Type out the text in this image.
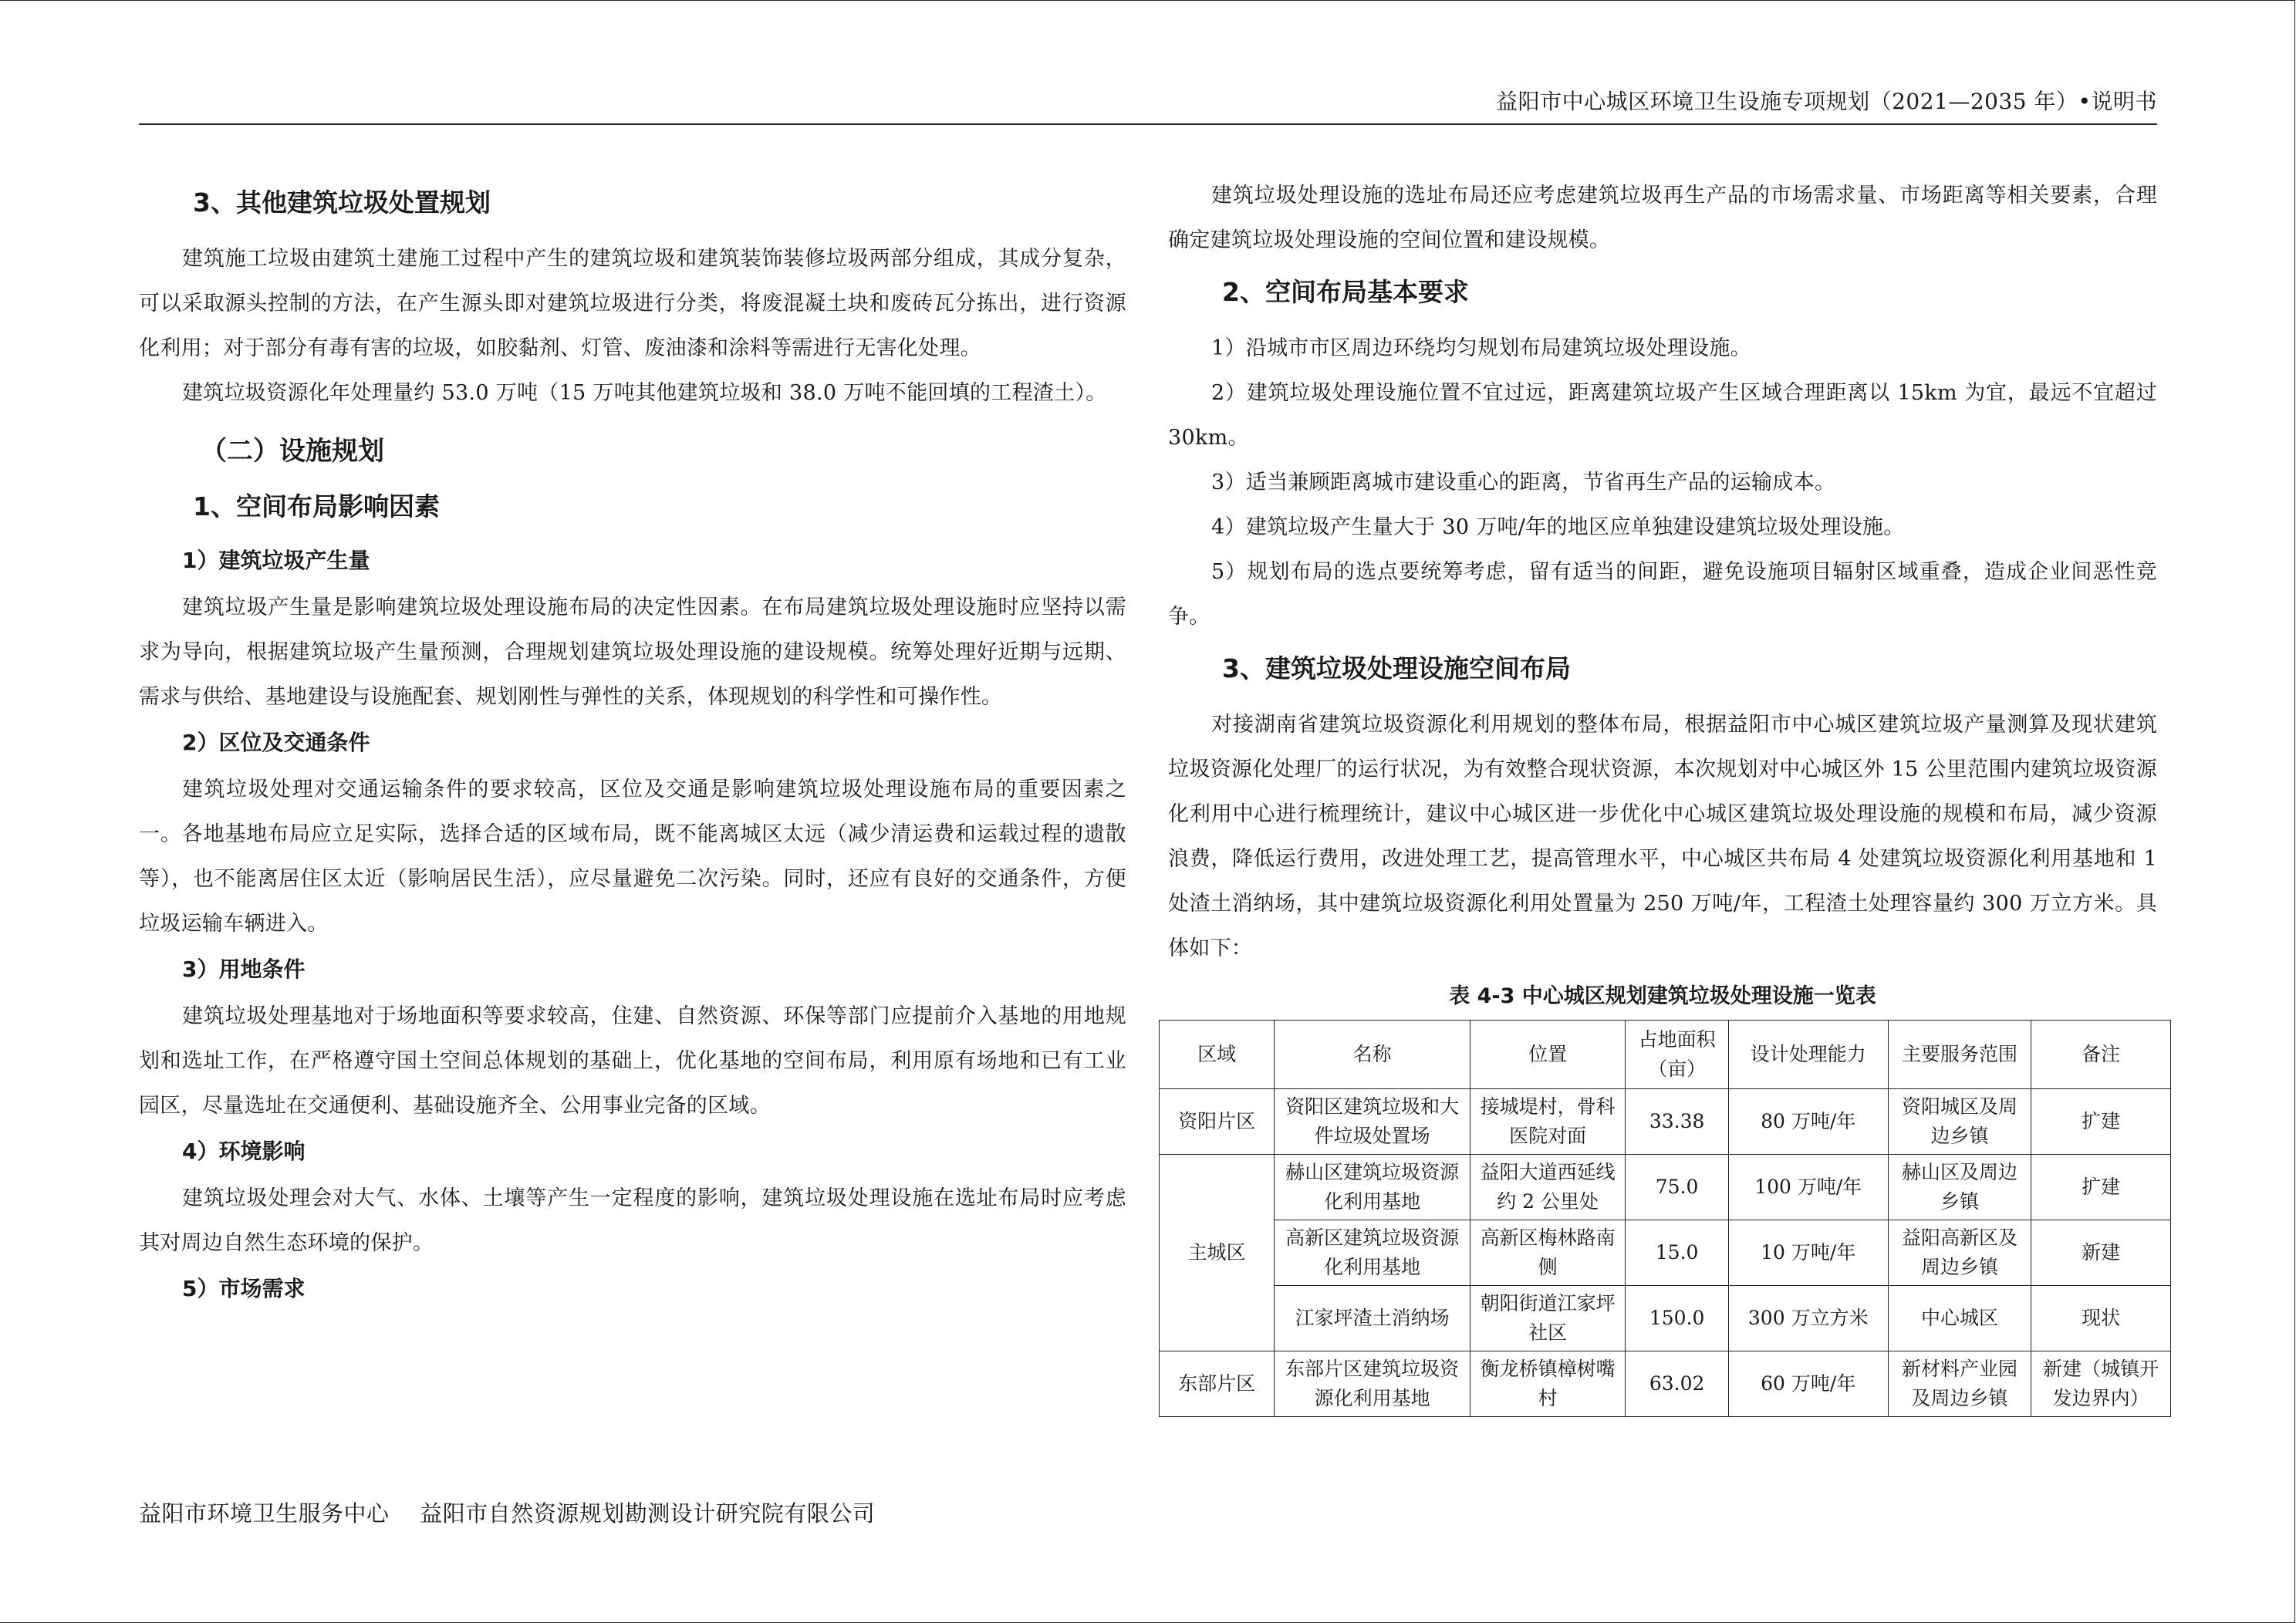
益阳市中心城区环境卫生设施专项规划（2021—2035 年）•说明书
3、其他建筑垃圾处置规划

建筑施工垃圾由建筑土建施工过程中产生的建筑垃圾和建筑装饰装修垃圾两部分组成，其成分复杂，可以采取源头控制的方法，在产生源头即对建筑垃圾进行分类，将废混凝土块和废砖瓦分拣出，进行资源化利用；对于部分有毒有害的垃圾，如胶黏剂、灯管、废油漆和涂料等需进行无害化处理。

建筑垃圾资源化年处理量约 53.0 万吨（15 万吨其他建筑垃圾和 38.0 万吨不能回填的工程渣土）。

（二）设施规划
1、空间布局影响因素
1）建筑垃圾产生量

建筑垃圾产生量是影响建筑垃圾处理设施布局的决定性因素。在布局建筑垃圾处理设施时应坚持以需求为导向，根据建筑垃圾产生量预测，合理规划建筑垃圾处理设施的建设规模。统筹处理好近期与远期、需求与供给、基地建设与设施配套、规划刚性与弹性的关系，体现规划的科学性和可操作性。

2）区位及交通条件

建筑垃圾处理对交通运输条件的要求较高，区位及交通是影响建筑垃圾处理设施布局的重要因素之一。各地基地布局应立足实际，选择合适的区域布局，既不能离城区太远（减少清运费和运载过程的遗散等），也不能离居住区太近（影响居民生活），应尽量避免二次污染。同时，还应有良好的交通条件，方便垃圾运输车辆进入。

3）用地条件

建筑垃圾处理基地对于场地面积等要求较高，住建、自然资源、环保等部门应提前介入基地的用地规划和选址工作，在严格遵守国土空间总体规划的基础上，优化基地的空间布局，利用原有场地和已有工业园区，尽量选址在交通便利、基础设施齐全、公用事业完备的区域。

4）环境影响

建筑垃圾处理会对大气、水体、土壤等产生一定程度的影响，建筑垃圾处理设施在选址布局时应考虑其对周边自然生态环境的保护。

5）市场需求

建筑垃圾处理设施的选址布局还应考虑建筑垃圾再生产品的市场需求量、市场距离等相关要素，合理确定建筑垃圾处理设施的空间位置和建设规模。

2、空间布局基本要求

1）沿城市市区周边环绕均匀规划布局建筑垃圾处理设施。

2）建筑垃圾处理设施位置不宜过远，距离建筑垃圾产生区域合理距离以 15km 为宜，最远不宜超过 30km。

3）适当兼顾距离城市建设重心的距离，节省再生产品的运输成本。

4）建筑垃圾产生量大于 30 万吨/年的地区应单独建设建筑垃圾处理设施。

5）规划布局的选点要统筹考虑，留有适当的间距，避免设施项目辐射区域重叠，造成企业间恶性竞争。

3、建筑垃圾处理设施空间布局

对接湖南省建筑垃圾资源化利用规划的整体布局，根据益阳市中心城区建筑垃圾产量测算及现状建筑垃圾资源化处理厂的运行状况，为有效整合现状资源，本次规划对中心城区外 15 公里范围内建筑垃圾资源化利用中心进行梳理统计，建议中心城区进一步优化中心城区建筑垃圾处理设施的规模和布局，减少资源浪费，降低运行费用，改进处理工艺，提高管理水平，中心城区共布局 4 处建筑垃圾资源化利用基地和 1 处渣土消纳场，其中建筑垃圾资源化利用处置量为 250 万吨/年，工程渣土处理容量约 300 万立方米。具体如下：

表 4-3 中心城区规划建筑垃圾处理设施一览表
区域	名称	位置	占地面积（亩）	设计处理能力	主要服务范围	备注
资阳片区	资阳区建筑垃圾和大件垃圾处置场	接城堤村，骨科医院对面	33.38	80 万吨/年	资阳城区及周边乡镇	扩建
主城区	赫山区建筑垃圾资源化利用基地	益阳大道西延线约 2 公里处	75.0	100 万吨/年	赫山区及周边乡镇	扩建
	高新区建筑垃圾资源化利用基地	高新区梅林路南侧	15.0	10 万吨/年	益阳高新区及周边乡镇	新建
	江家坪渣土消纳场	朝阳街道江家坪社区	150.0	300 万立方米	中心城区	现状
东部片区	东部片区建筑垃圾资源化利用基地	衡龙桥镇樟树嘴村	63.02	60 万吨/年	新材料产业园及周边乡镇	新建（城镇开发边界内）
益阳市环境卫生服务中心 益阳市自然资源规划勘测设计研究院有限公司
